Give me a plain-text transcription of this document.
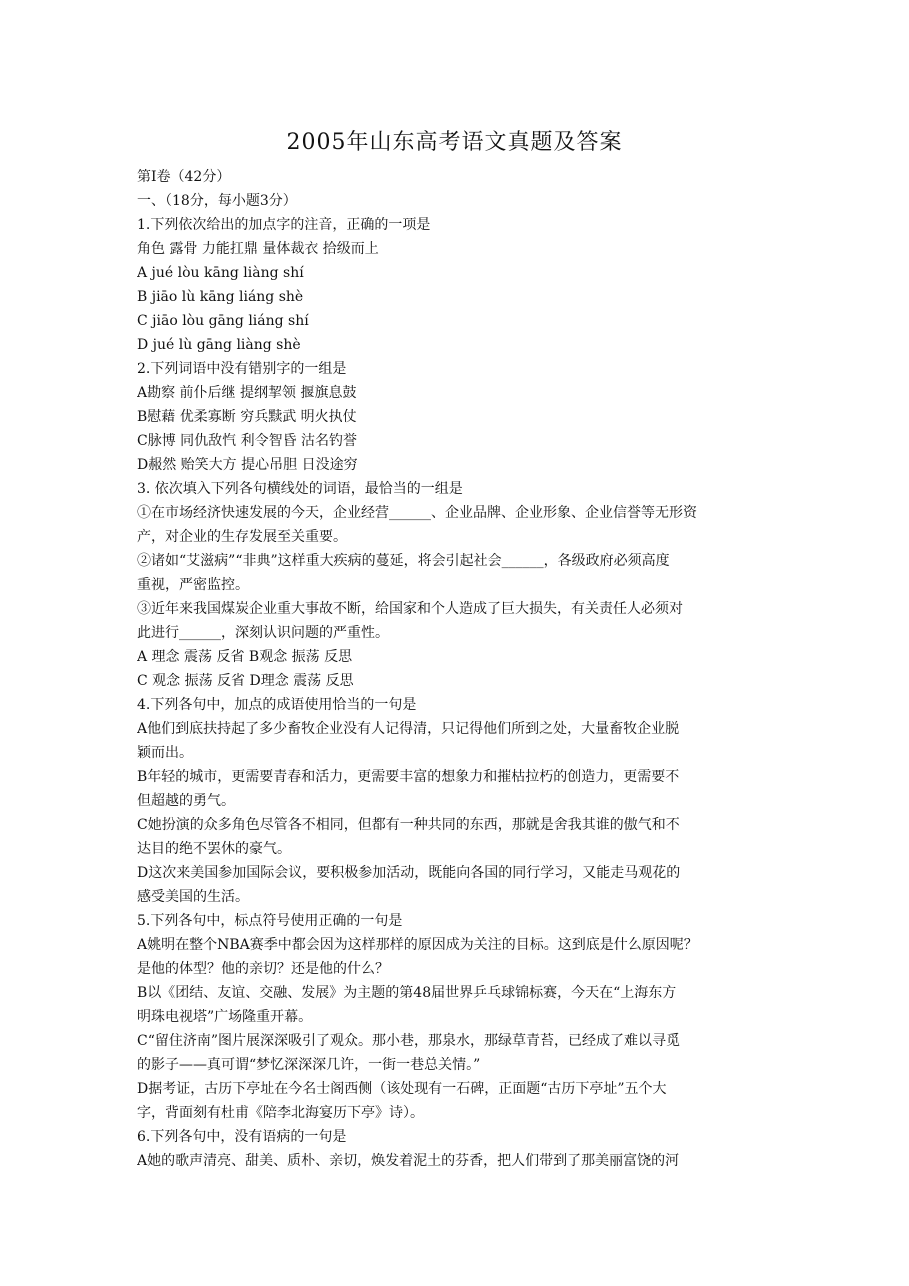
2005年山东高考语文真题及答案
第Ⅰ卷（42分）
一、（18分，每小题3分）
1.下列依次给出的加点字的注音，正确的一项是
角色 露骨 力能扛鼎 量体裁衣 拾级而上
A jué lòu kāng liàng shí
B jiāo lù kāng liáng shè
C jiāo lòu gāng liáng shí
D jué lù gāng liàng shè
2.下列词语中没有错别字的一组是
A勘察 前仆后继 提纲挈领 揠旗息鼓
B慰藉 优柔寡断 穷兵黩武 明火执仗
C脉博 同仇敌忾 利令智昏 沽名钓誉
D赧然 贻笑大方 提心吊胆 日没途穷
3. 依次填入下列各句横线处的词语，最恰当的一组是
①在市场经济快速发展的今天，企业经营______、企业品牌、企业形象、企业信誉等无形资
产，对企业的生存发展至关重要。
②诸如“艾滋病”“非典”这样重大疾病的蔓延，将会引起社会______，各级政府必须高度
重视，严密监控。
③近年来我国煤炭企业重大事故不断，给国家和个人造成了巨大损失，有关责任人必须对
此进行______，深刻认识问题的严重性。
A 理念 震荡 反省 B观念 振荡 反思
C 观念 振荡 反省 D理念 震荡 反思
4.下列各句中，加点的成语使用恰当的一句是
A他们到底扶持起了多少畜牧企业没有人记得清，只记得他们所到之处，大量畜牧企业脱
颖而出。
B年轻的城市，更需要青春和活力，更需要丰富的想象力和摧枯拉朽的创造力，更需要不
但超越的勇气。
C她扮演的众多角色尽管各不相同，但都有一种共同的东西，那就是舍我其谁的傲气和不
达目的绝不罢休的豪气。
D这次来美国参加国际会议，要积极参加活动，既能向各国的同行学习，又能走马观花的
感受美国的生活。
5.下列各句中，标点符号使用正确的一句是
A姚明在整个NBA赛季中都会因为这样那样的原因成为关注的目标。这到底是什么原因呢？
是他的体型？他的亲切？还是他的什么？
B以《团结、友谊、交融、发展》为主题的第48届世界乒乓球锦标赛，今天在“上海东方
明珠电视塔”广场隆重开幕。
C“留住济南”图片展深深吸引了观众。那小巷，那泉水，那绿草青苔，已经成了难以寻觅
的影子——真可谓“梦忆深深深几许，一街一巷总关情。”
D据考证，古历下亭址在今名士阁西侧（该处现有一石碑，正面题“古历下亭址”五个大
字，背面刻有杜甫《陪李北海宴历下亭》诗）。
6.下列各句中，没有语病的一句是
A她的歌声清亮、甜美、质朴、亲切，焕发着泥土的芬香，把人们带到了那美丽富饶的河
